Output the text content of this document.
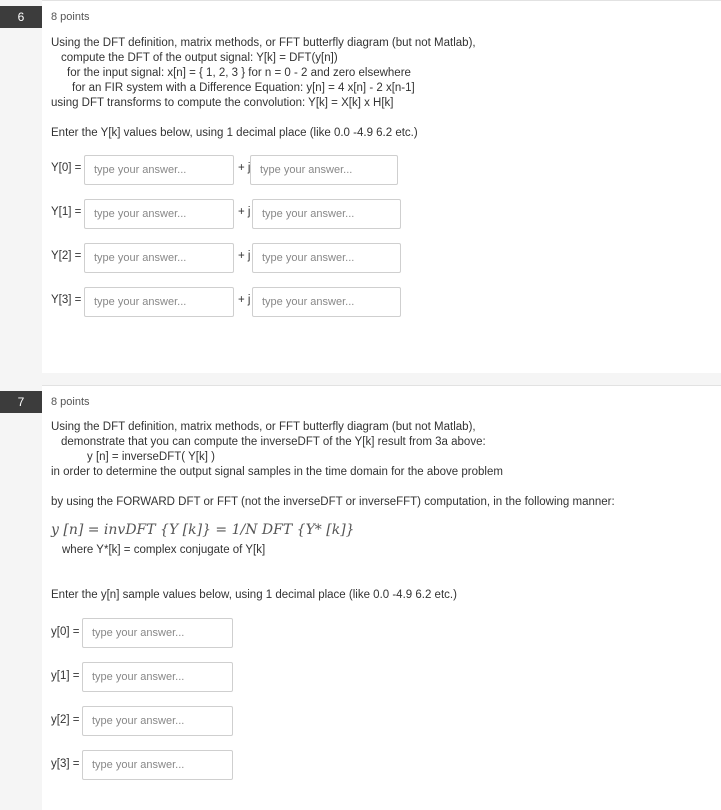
6	8 points
Using the DFT definition, matrix methods, or FFT butterfly diagram (but not Matlab),
compute the DFT of the output signal: Y[k] = DFT(y[n])
for the input signal: x[n] = { 1, 2, 3 } for n = 0 - 2 and zero elsewhere
for an FIR system with a Difference Equation: y[n] = 4 x[n] - 2 x[n-1]
using DFT transforms to compute the convolution: Y[k] = X[k] x H[k]
Enter the Y[k] values below, using 1 decimal place (like 0.0 -4.9 6.2 etc.)
Y[0] =
type your answer...	+ j
type your answer...
Y[1] =
type your answer...	+ j
type your answer...
Y[2] =
type your answer...	+ j
type your answer...
Y[3] =
type your answer...	+ j
type your answer...
7	8 points
Using the DFT definition, matrix methods, or FFT butterfly diagram (but not Matlab),
demonstrate that you can compute the inverseDFT of the Y[k] result from 3a above:
y [n] = inverseDFT( Y[k] )
in order to determine the output signal samples in the time domain for the above problem
by using the FORWARD DFT or FFT (not the inverseDFT or inverseFFT) computation, in the following manner:
y [n] = invDFT {Y [k]} = 1/N DFT {Y* [k]}
where Y*[k] = complex conjugate of Y[k]
Enter the y[n] sample values below, using 1 decimal place (like 0.0 -4.9 6.2 etc.)
y[0] =
type your answer...
y[1] =
type your answer...
y[2] =
type your answer...
y[3] =
type your answer...
